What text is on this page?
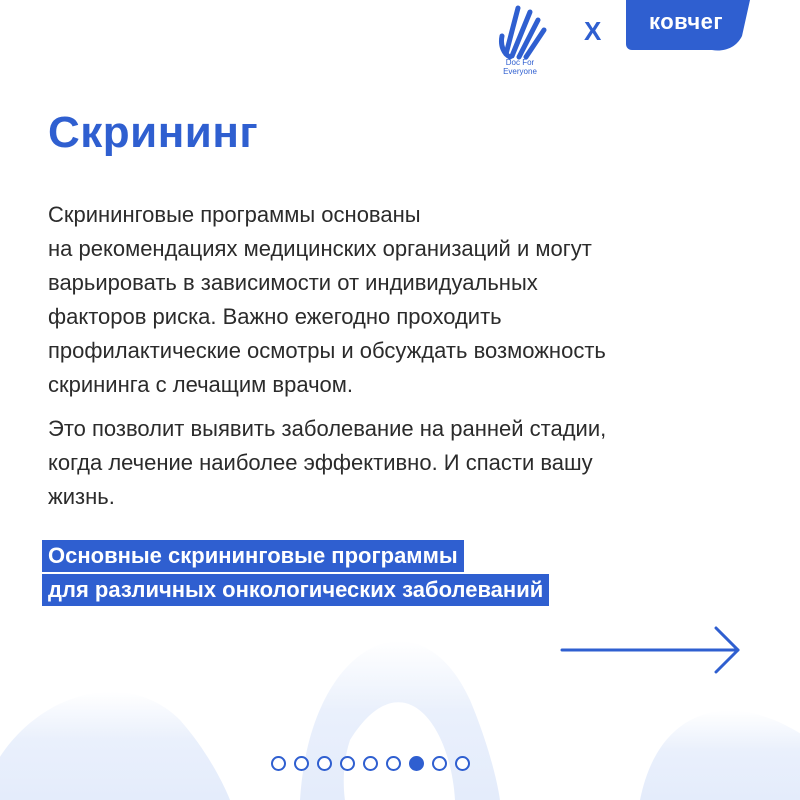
Doc For
Everyone
X	ковчег
Скрининг
Скрининговые программы основаны
на рекомендациях медицинских организаций и могут
варьировать в зависимости от индивидуальных
факторов риска. Важно ежегодно проходить
профилактические осмотры и обсуждать возможность
скрининга с лечащим врачом.
Это позволит выявить заболевание на ранней стадии,
когда лечение наиболее эффективно. И спасти вашу
жизнь.
Основные скрининговые программы
для различных онкологических заболеваний
